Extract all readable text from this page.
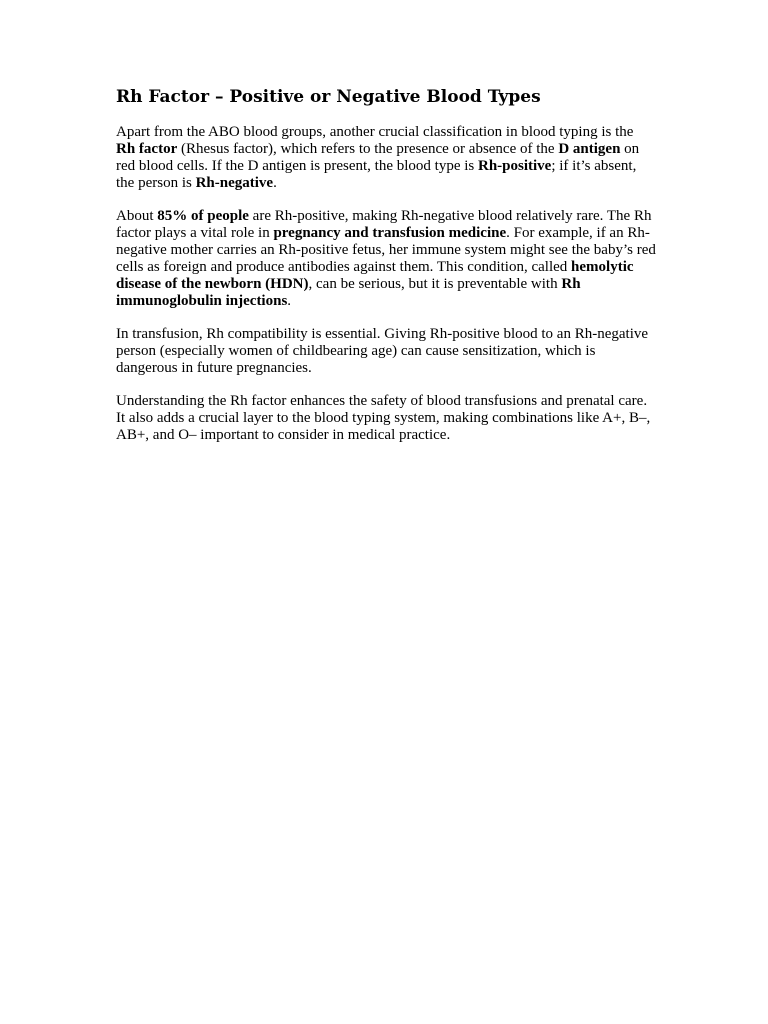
Rh Factor – Positive or Negative Blood Types

Apart from the ABO blood groups, another crucial classification in blood typing is the Rh factor (Rhesus factor), which refers to the presence or absence of the D antigen on red blood cells. If the D antigen is present, the blood type is Rh-positive; if it’s absent, the person is Rh-negative.

About 85% of people are Rh-positive, making Rh-negative blood relatively rare. The Rh factor plays a vital role in pregnancy and transfusion medicine. For example, if an Rh-negative mother carries an Rh-positive fetus, her immune system might see the baby’s red cells as foreign and produce antibodies against them. This condition, called hemolytic disease of the newborn (HDN), can be serious, but it is preventable with Rh immunoglobulin injections.

In transfusion, Rh compatibility is essential. Giving Rh-positive blood to an Rh-negative person (especially women of childbearing age) can cause sensitization, which is dangerous in future pregnancies.

Understanding the Rh factor enhances the safety of blood transfusions and prenatal care. It also adds a crucial layer to the blood typing system, making combinations like A+, B–, AB+, and O– important to consider in medical practice.
